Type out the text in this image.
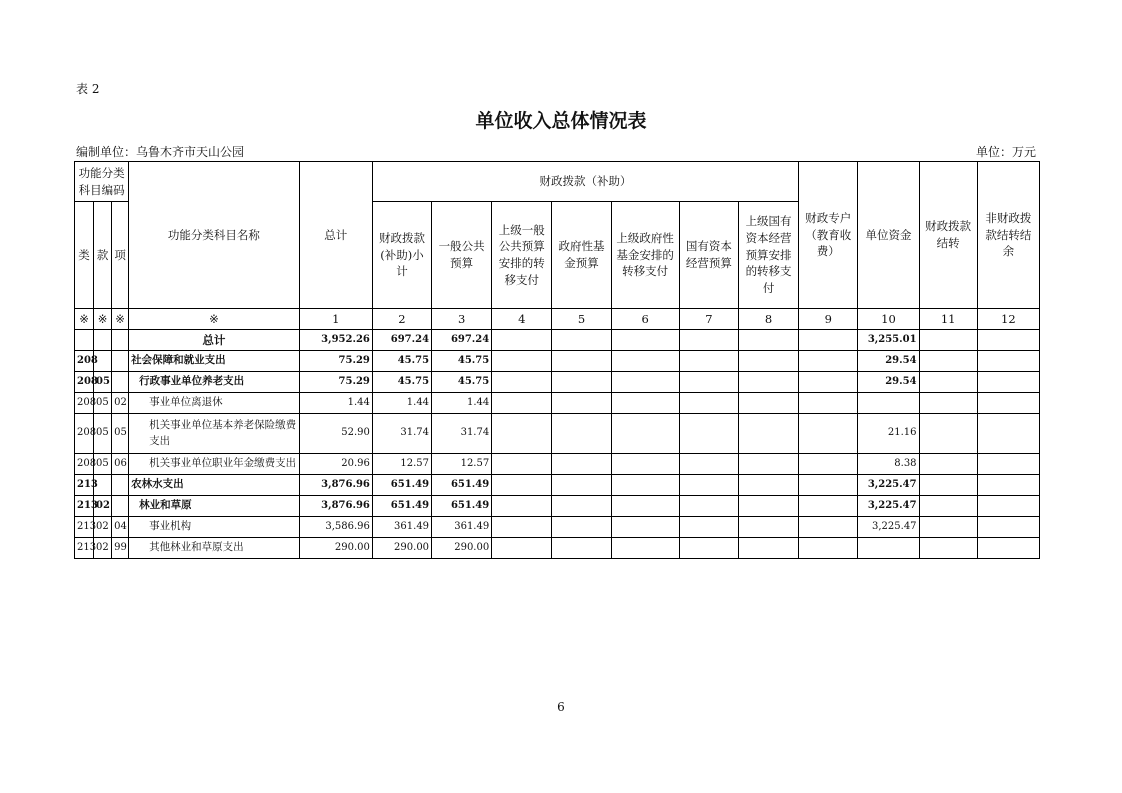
表 2
单位收入总体情况表
编制单位：乌鲁木齐市天山公园	单位：万元
功能分类科目编码			功能分类科目名称	总计	财政拨款（补助）							财政专户（教育收费）	单位资金	财政拨款结转	非财政拨款结转结余
类	款	项			财政拨款(补助)小计	一般公共预算	上级一般公共预算安排的转移支付	政府性基金预算	上级政府性基金安排的转移支付	国有资本经营预算	上级国有资本经营预算安排的转移支付				
※	※	※	※	1	2	3	4	5	6	7	8	9	10	11	12
			总计	3,952.26	697.24	697.24							3,255.01		
208			社会保障和就业支出	75.29	45.75	45.75							29.54		
208	05		行政事业单位养老支出	75.29	45.75	45.75							29.54		
208	05	02	事业单位离退休	1.44	1.44	1.44									
208	05	05	机关事业单位基本养老保险缴费支出	52.90	31.74	31.74							21.16		
208	05	06	机关事业单位职业年金缴费支出	20.96	12.57	12.57							8.38		
213			农林水支出	3,876.96	651.49	651.49							3,225.47		
213	02		林业和草原	3,876.96	651.49	651.49							3,225.47		
213	02	04	事业机构	3,586.96	361.49	361.49							3,225.47		
213	02	99	其他林业和草原支出	290.00	290.00	290.00									
6
